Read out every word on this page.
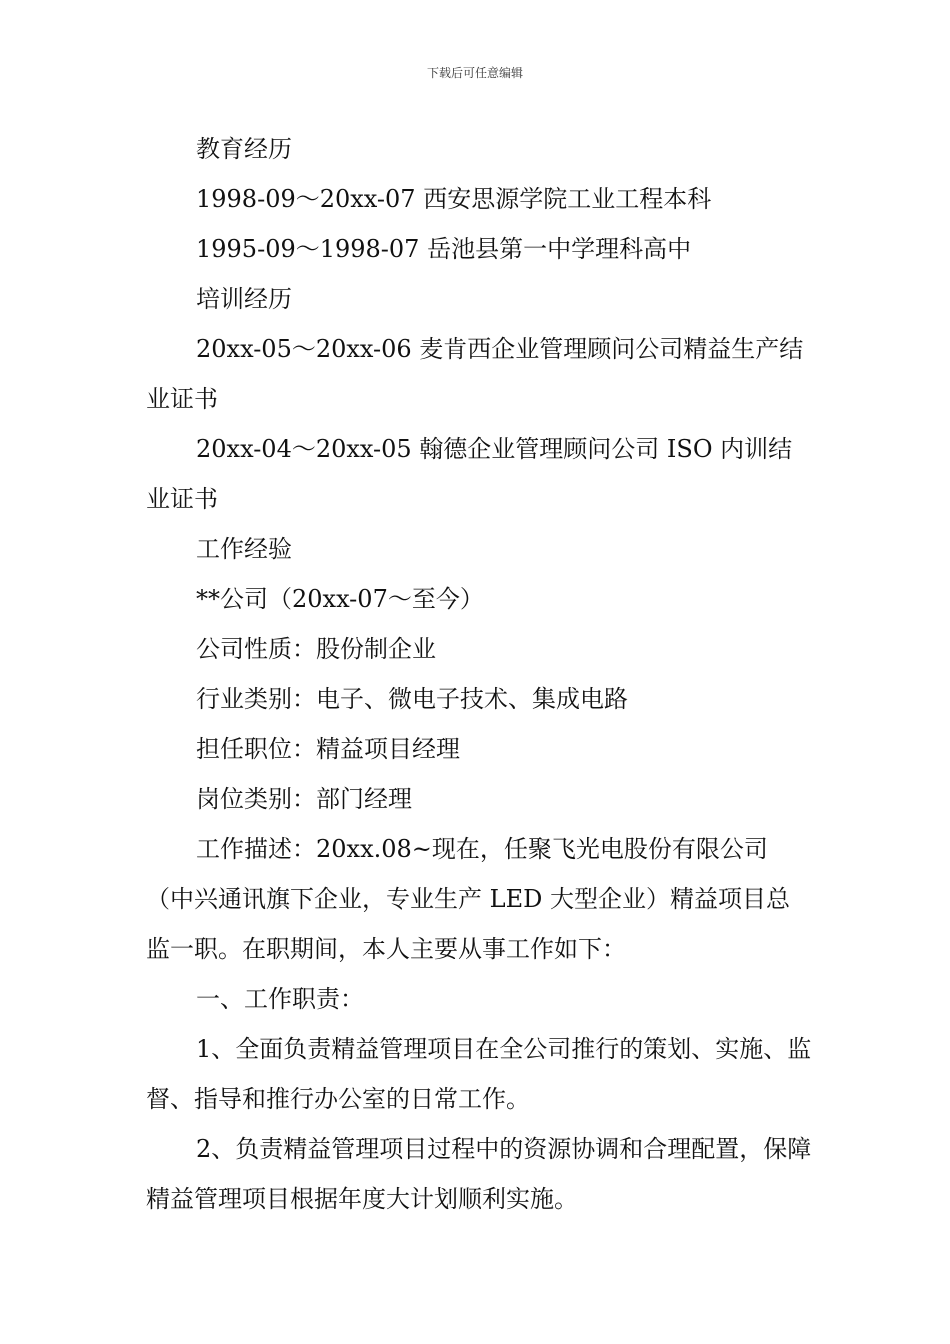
下载后可任意编辑

教育经历

1998-09～20xx-07 西安思源学院工业工程本科

1995-09～1998-07 岳池县第一中学理科高中

培训经历

20xx-05～20xx-06 麦肯西企业管理顾问公司精益生产结业证书

20xx-04～20xx-05 翰德企业管理顾问公司 ISO 内训结业证书

工作经验

**公司（20xx-07～至今）

公司性质：股份制企业

行业类别：电子、微电子技术、集成电路

担任职位：精益项目经理

岗位类别：部门经理

工作描述：20xx.08~现在，任聚飞光电股份有限公司（中兴通讯旗下企业，专业生产 LED 大型企业）精益项目总监一职。在职期间，本人主要从事工作如下：

一、工作职责：

1、全面负责精益管理项目在全公司推行的策划、实施、监督、指导和推行办公室的日常工作。

2、负责精益管理项目过程中的资源协调和合理配置，保障精益管理项目根据年度大计划顺利实施。
